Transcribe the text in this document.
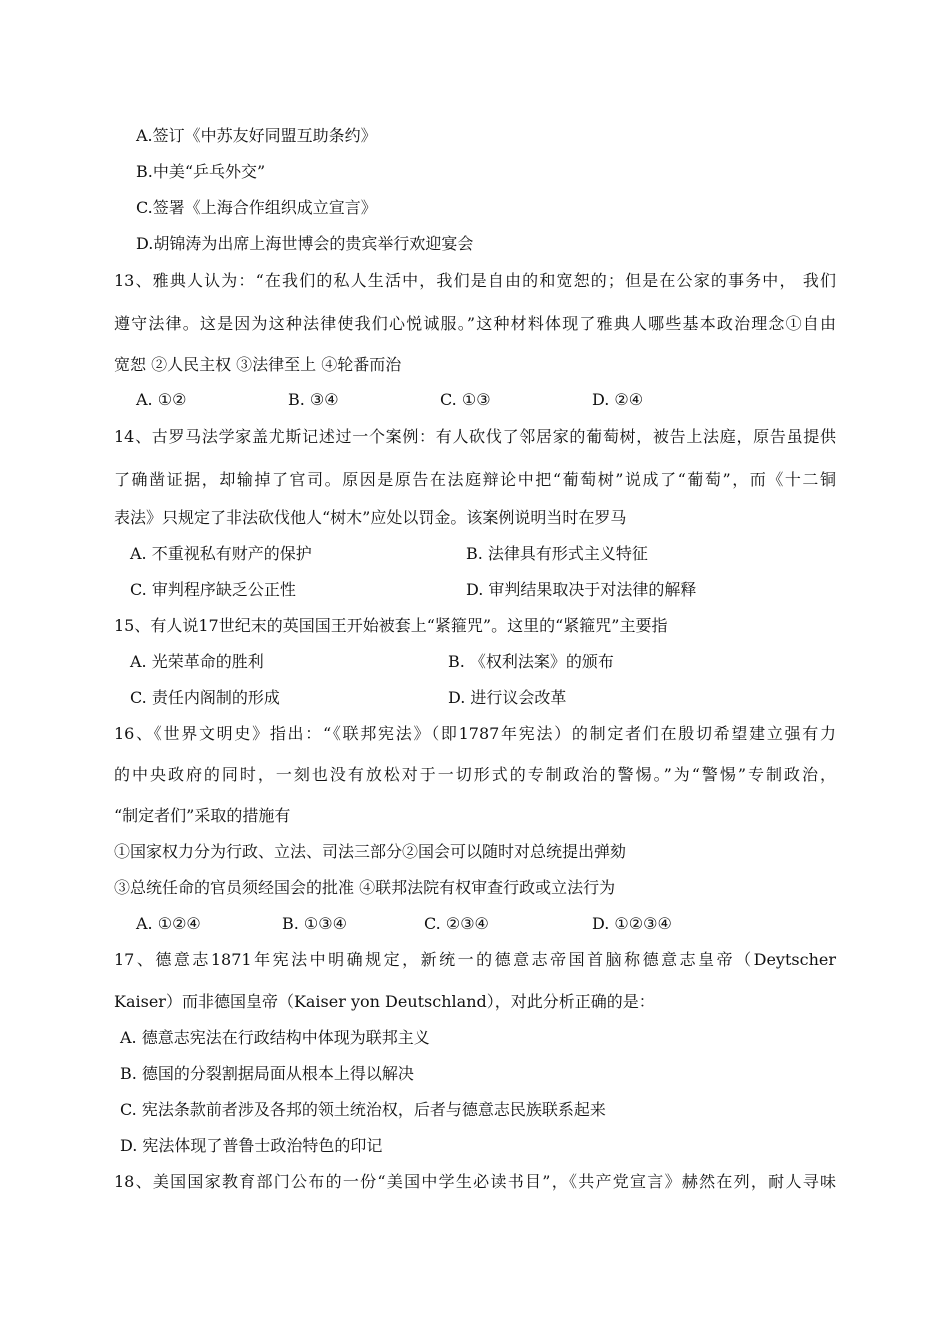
A.签订《中苏友好同盟互助条约》
B.中美“乒乓外交”
C.签署《上海合作组织成立宣言》
D.胡锦涛为出席上海世博会的贵宾举行欢迎宴会
13、雅典人认为：“在我们的私人生活中，我们是自由的和宽恕的；但是在公家的事务中， 我们
遵守法律。这是因为这种法律使我们心悦诚服。”这种材料体现了雅典人哪些基本政治理念①自由
宽恕 ②人民主权 ③法律至上 ④轮番而治
A. ①②	B. ③④	C. ①③	D. ②④
14、古罗马法学家盖尤斯记述过一个案例：有人砍伐了邻居家的葡萄树，被告上法庭，原告虽提供
了确凿证据，却输掉了官司。原因是原告在法庭辩论中把“葡萄树”说成了“葡萄”，而《十二铜
表法》只规定了非法砍伐他人“树木”应处以罚金。该案例说明当时在罗马
A. 不重视私有财产的保护	B. 法律具有形式主义特征
C. 审判程序缺乏公正性	D. 审判结果取决于对法律的解释
15、有人说17世纪末的英国国王开始被套上“紧箍咒”。这里的“紧箍咒”主要指
A. 光荣革命的胜利	B. 《权利法案》的颁布
C. 责任内阁制的形成	D. 进行议会改革
16、《世界文明史》指出：“《联邦宪法》（即1787年宪法）的制定者们在殷切希望建立强有力
的中央政府的同时，一刻也没有放松对于一切形式的专制政治的警惕。”为“警惕”专制政治，
“制定者们”采取的措施有
①国家权力分为行政、立法、司法三部分②国会可以随时对总统提出弹劾
③总统任命的官员须经国会的批准 ④联邦法院有权审查行政或立法行为
A. ①②④	B. ①③④	C. ②③④	D. ①②③④
17、德意志1871年宪法中明确规定，新统一的德意志帝国首脑称德意志皇帝（Deytscher
Kaiser）而非德国皇帝（Kaiser yon Deutschland），对此分析正确的是：
A. 德意志宪法在行政结构中体现为联邦主义
B. 德国的分裂割据局面从根本上得以解决
C. 宪法条款前者涉及各邦的领土统治权，后者与德意志民族联系起来
D. 宪法体现了普鲁士政治特色的印记
18、美国国家教育部门公布的一份“美国中学生必读书目”，《共产党宣言》赫然在列，耐人寻味
